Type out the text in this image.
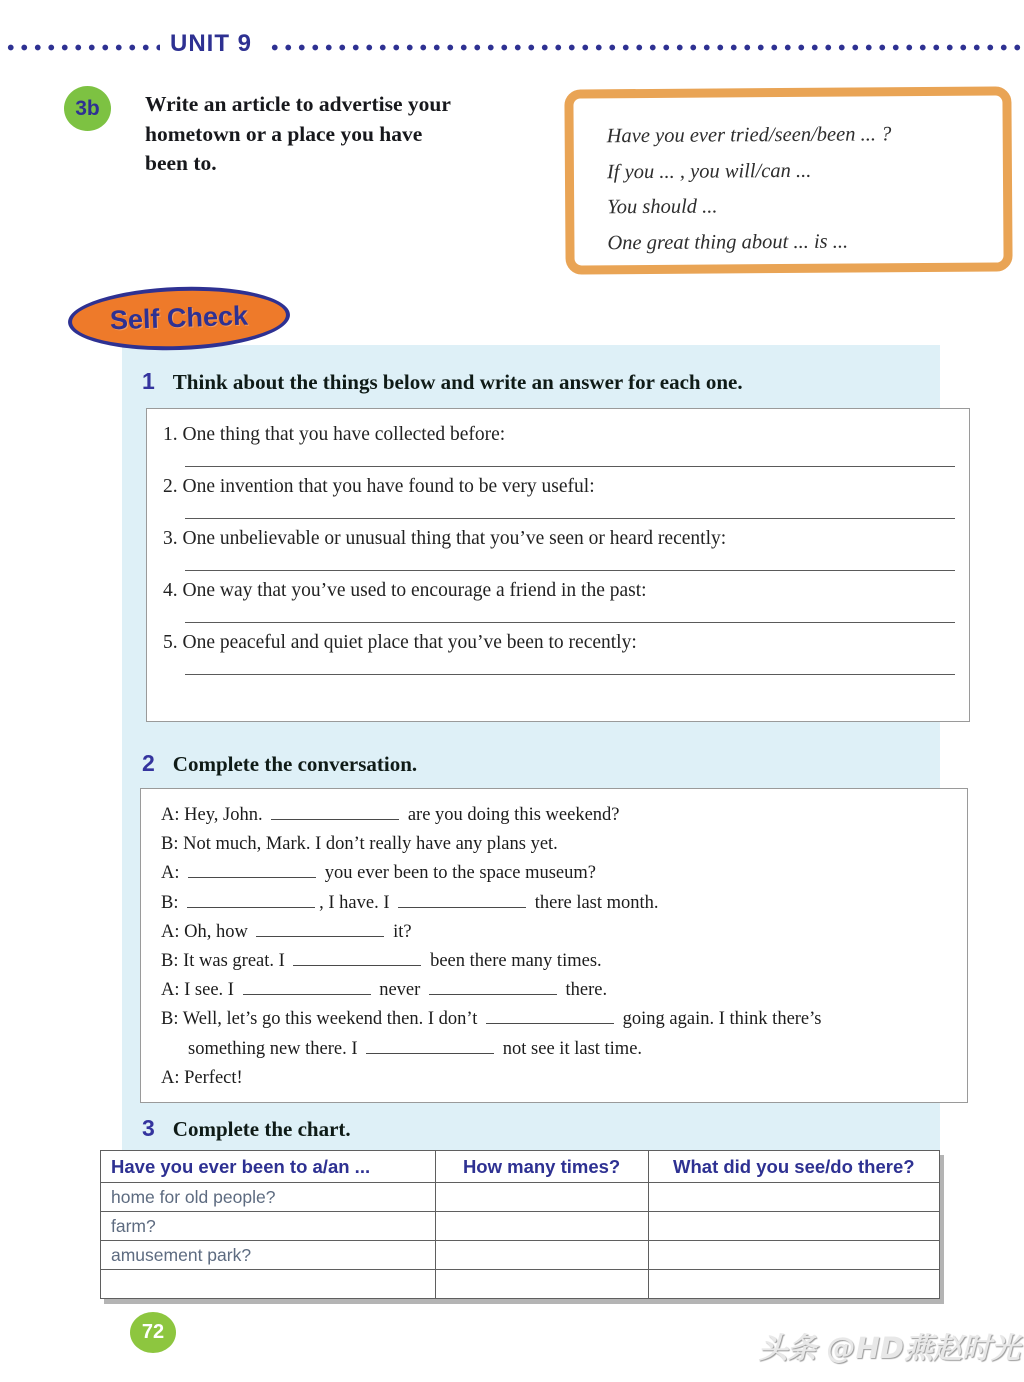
UNIT 9
3b	Write an article to advertise your
hometown or a place you have
been to.
Have you ever tried/seen/been ... ?
If you ... , you will/can ...
You should ...
One great thing about ... is ...
Self Check
1 Think about the things below and write an answer for each one.
1. One thing that you have collected before:
2. One invention that you have found to be very useful:
3. One unbelievable or unusual thing that you’ve seen or heard recently:
4. One way that you’ve used to encourage a friend in the past:
5. One peaceful and quiet place that you’ve been to recently:
2 Complete the conversation.
A: Hey, John.	are you doing this weekend?
B: Not much, Mark. I don’t really have any plans yet.
A:	you ever been to the space museum?
B:	, I have. I	there last month.
A: Oh, how	it?
B: It was great. I	been there many times.
A: I see. I	never	there.
B: Well, let’s go this weekend then. I don’t	going again. I think there’s
something new there. I	not see it last time.
A: Perfect!
3 Complete the chart.
Have you ever been to a/an ...	How many times?	What did you see/do there?
home for old people?		
farm?		
amusement park?		

72	头条 @HD燕赵时光
